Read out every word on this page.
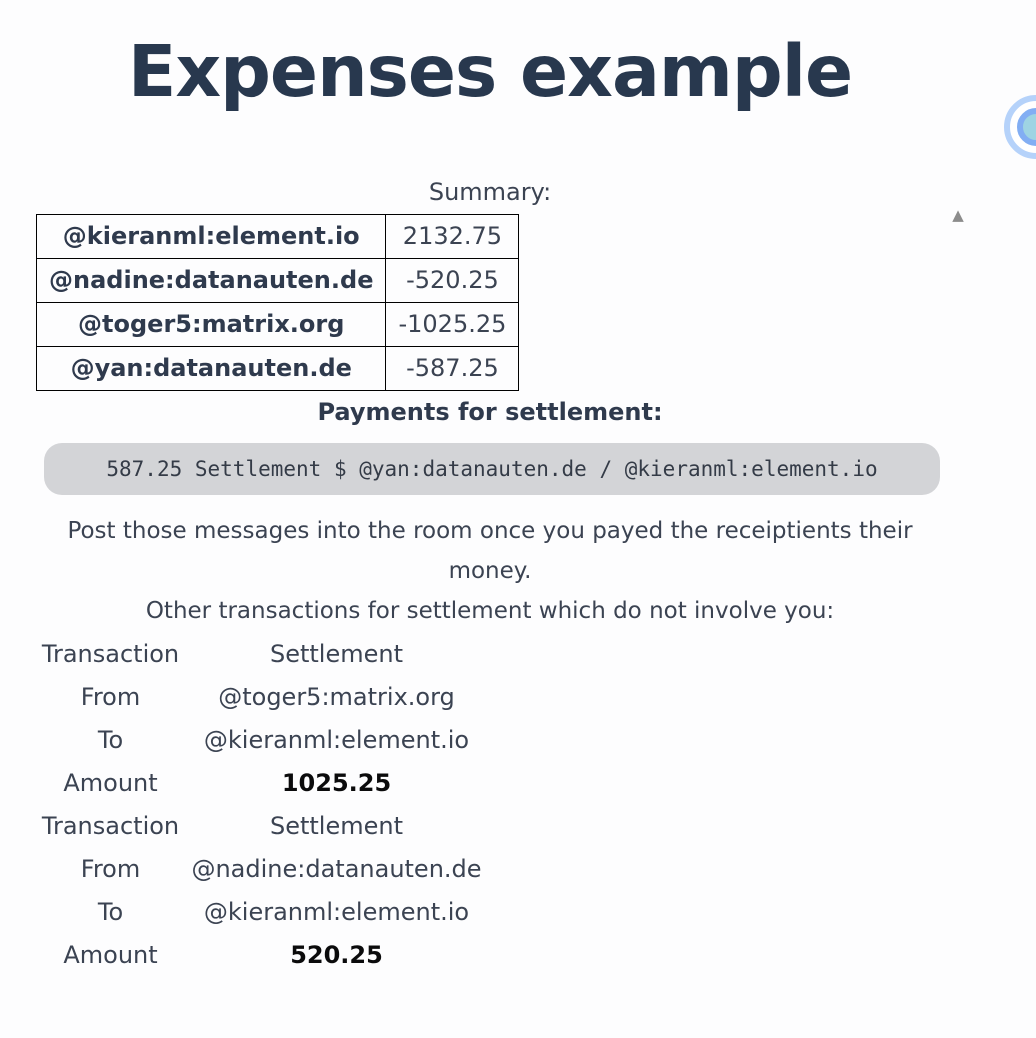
Expenses example

Summary:

@kieranml:element.io	2132.75
@nadine:datanauten.de	-520.25
@toger5:matrix.org	-1025.25
@yan:datanauten.de	-587.25

Payments for settlement:

587.25 Settlement $ @yan:datanauten.de / @kieranml:element.io

Post those messages into the room once you payed the receiptients their money.

Other transactions for settlement which do not involve you:

Transaction	Settlement
From	@toger5:matrix.org
To	@kieranml:element.io
Amount	1025.25
Transaction	Settlement
From	@nadine:datanauten.de
To	@kieranml:element.io
Amount	520.25
▲
